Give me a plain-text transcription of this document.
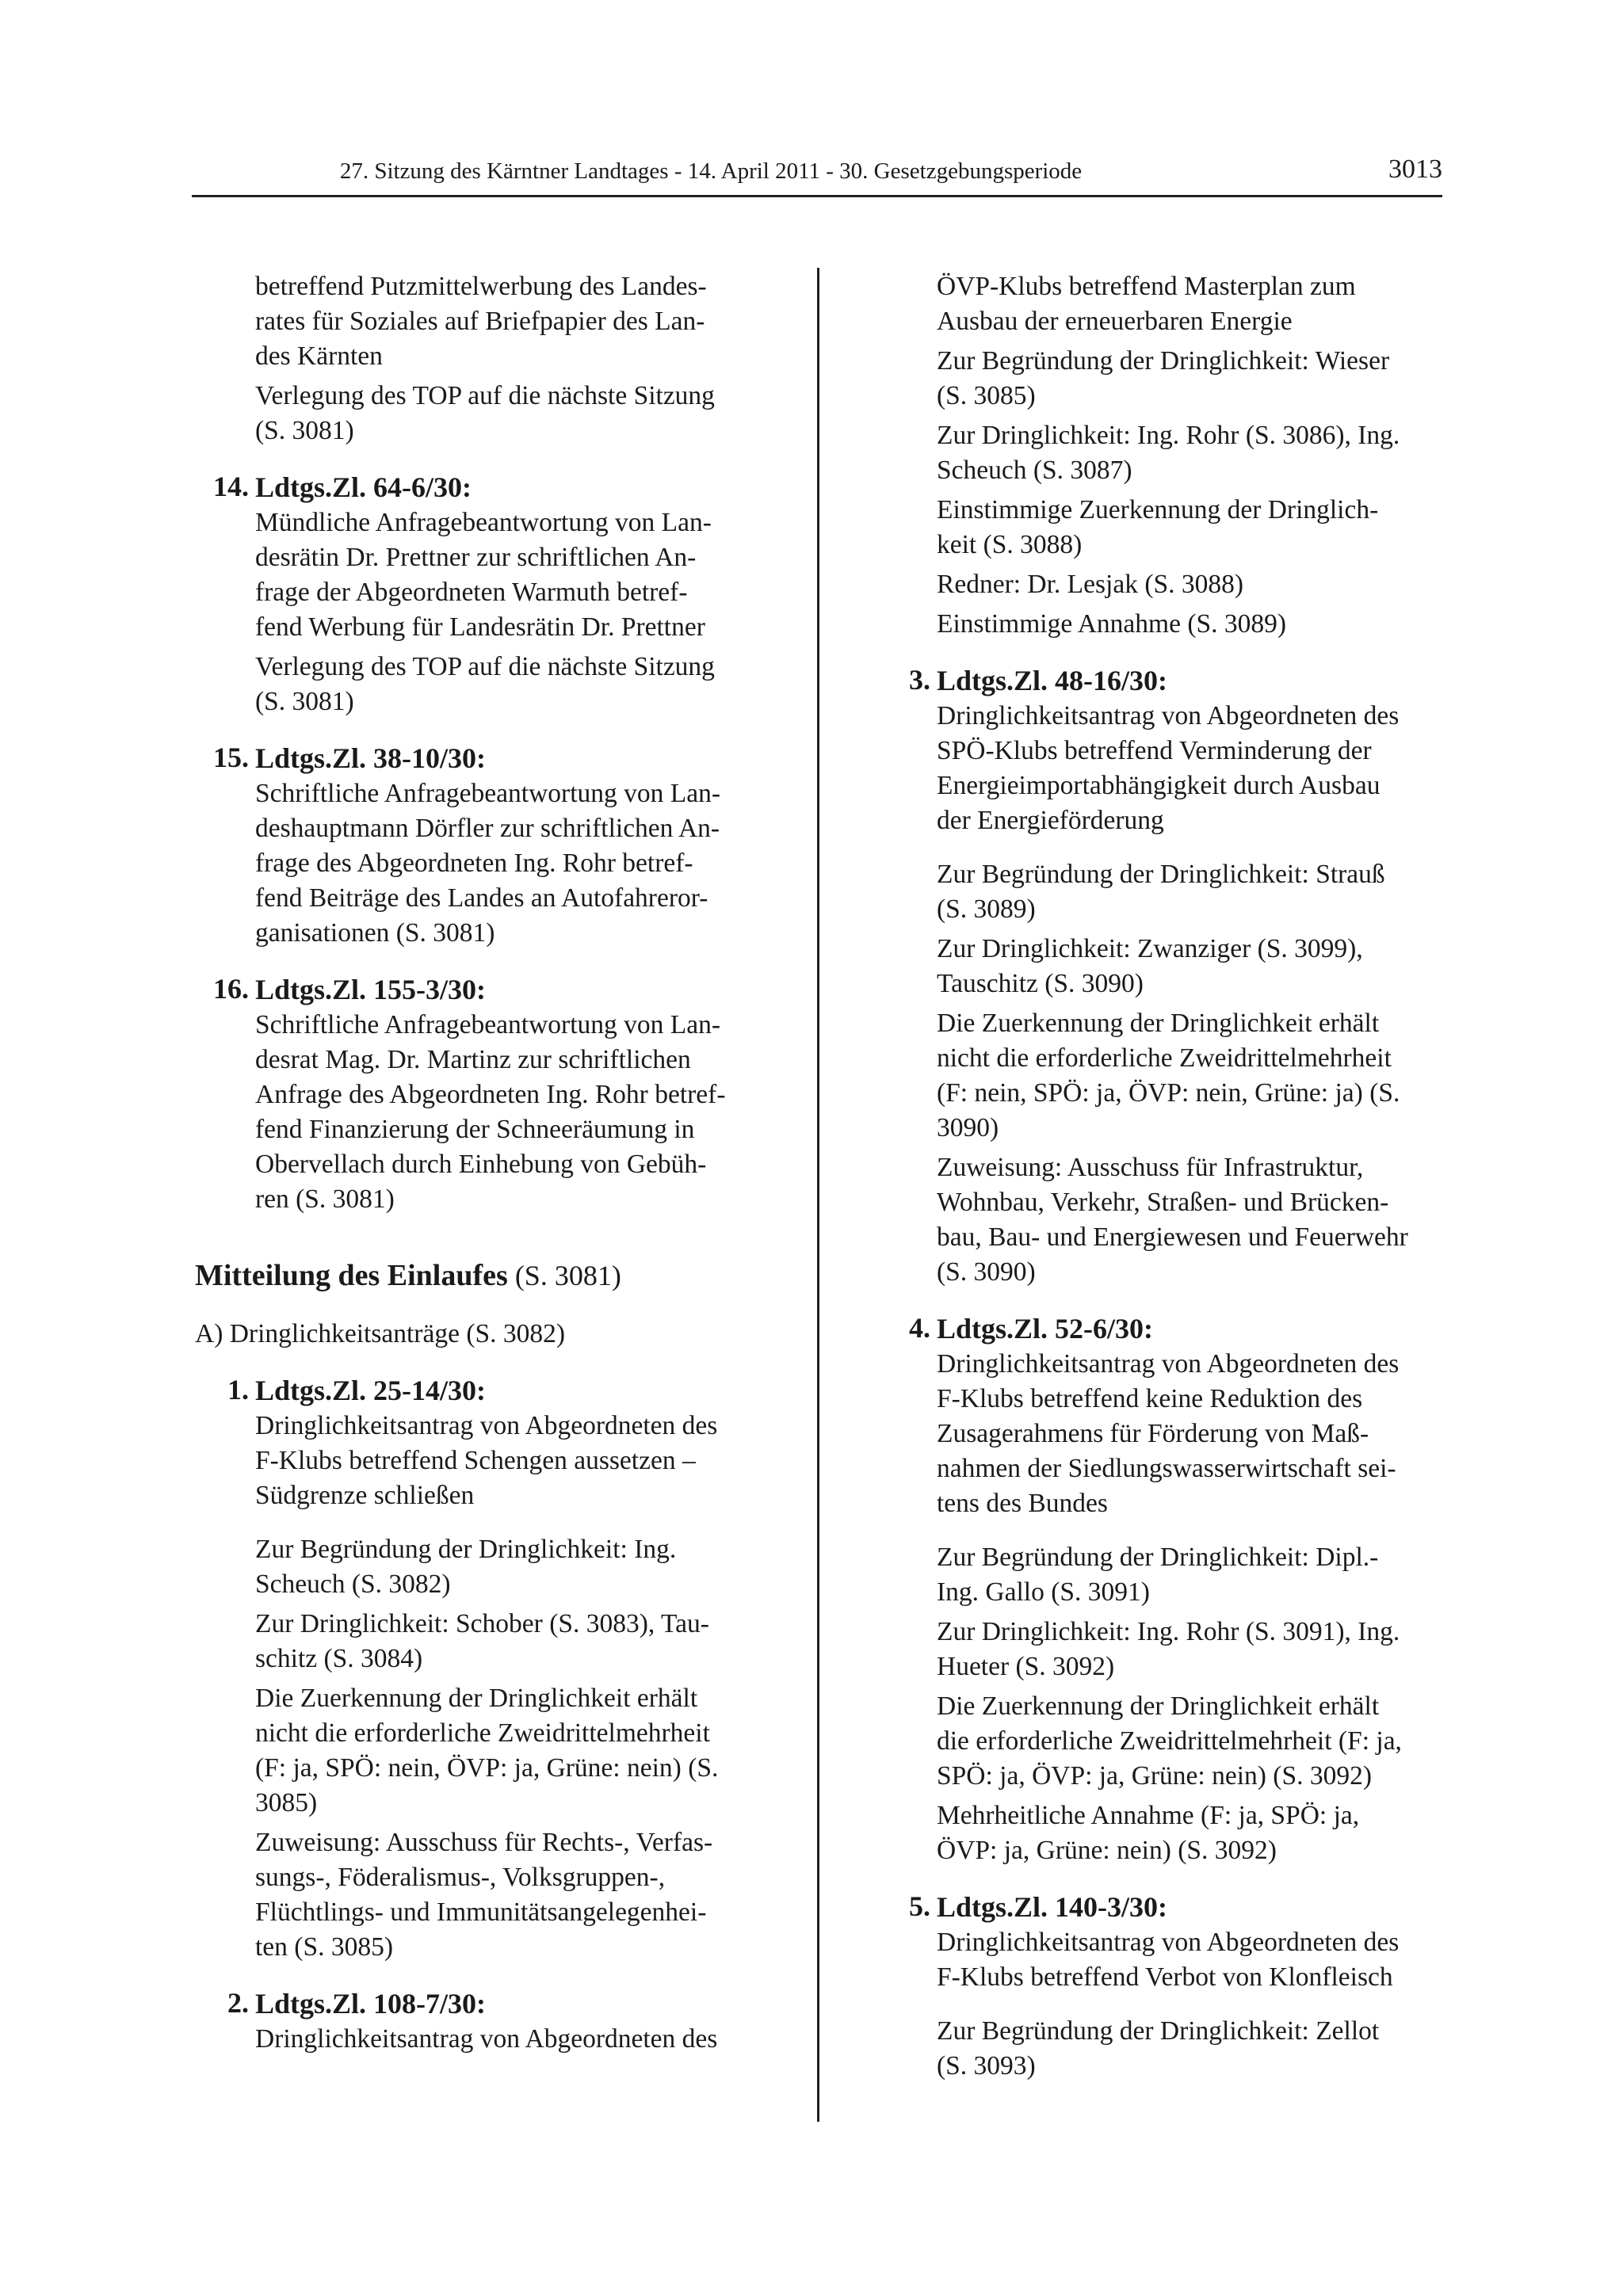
27. Sitzung des Kärntner Landtages - 14. April 2011 - 30. Gesetzgebungsperiode	3013
betreffend Putzmittelwerbung des Landes-
rates für Soziales auf Briefpapier des Lan-
des Kärnten
Verlegung des TOP auf die nächste Sitzung
(S. 3081)
14. Ldtgs.Zl. 64-6/30:
Mündliche Anfragebeantwortung von Lan-
desrätin Dr. Prettner zur schriftlichen An-
frage der Abgeordneten Warmuth betref-
fend Werbung für Landesrätin Dr. Prettner
Verlegung des TOP auf die nächste Sitzung
(S. 3081)
15. Ldtgs.Zl. 38-10/30:
Schriftliche Anfragebeantwortung von Lan-
deshauptmann Dörfler zur schriftlichen An-
frage des Abgeordneten Ing. Rohr betref-
fend Beiträge des Landes an Autofahreror-
ganisationen (S. 3081)
16. Ldtgs.Zl. 155-3/30:
Schriftliche Anfragebeantwortung von Lan-
desrat Mag. Dr. Martinz zur schriftlichen
Anfrage des Abgeordneten Ing. Rohr betref-
fend Finanzierung der Schneeräumung in
Obervellach durch Einhebung von Gebüh-
ren (S. 3081)
Mitteilung des Einlaufes (S. 3081)
A) Dringlichkeitsanträge (S. 3082)
1. Ldtgs.Zl. 25-14/30:
Dringlichkeitsantrag von Abgeordneten des
F-Klubs betreffend Schengen aussetzen –
Südgrenze schließen
Zur Begründung der Dringlichkeit: Ing.
Scheuch (S. 3082)
Zur Dringlichkeit: Schober (S. 3083), Tau-
schitz (S. 3084)
Die Zuerkennung der Dringlichkeit erhält
nicht die erforderliche Zweidrittelmehrheit
(F: ja, SPÖ: nein, ÖVP: ja, Grüne: nein) (S.
3085)
Zuweisung: Ausschuss für Rechts-, Verfas-
sungs-, Föderalismus-, Volksgruppen-,
Flüchtlings- und Immunitätsangelegenhei-
ten (S. 3085)
2. Ldtgs.Zl. 108-7/30:
Dringlichkeitsantrag von Abgeordneten des
ÖVP-Klubs betreffend Masterplan zum
Ausbau der erneuerbaren Energie
Zur Begründung der Dringlichkeit: Wieser
(S. 3085)
Zur Dringlichkeit: Ing. Rohr (S. 3086), Ing.
Scheuch (S. 3087)
Einstimmige Zuerkennung der Dringlich-
keit (S. 3088)
Redner: Dr. Lesjak (S. 3088)
Einstimmige Annahme (S. 3089)
3. Ldtgs.Zl. 48-16/30:
Dringlichkeitsantrag von Abgeordneten des
SPÖ-Klubs betreffend Verminderung der
Energieimportabhängigkeit durch Ausbau
der Energieförderung
Zur Begründung der Dringlichkeit: Strauß
(S. 3089)
Zur Dringlichkeit: Zwanziger (S. 3099),
Tauschitz (S. 3090)
Die Zuerkennung der Dringlichkeit erhält
nicht die erforderliche Zweidrittelmehrheit
(F: nein, SPÖ: ja, ÖVP: nein, Grüne: ja) (S.
3090)
Zuweisung: Ausschuss für Infrastruktur,
Wohnbau, Verkehr, Straßen- und Brücken-
bau, Bau- und Energiewesen und Feuerwehr
(S. 3090)
4. Ldtgs.Zl. 52-6/30:
Dringlichkeitsantrag von Abgeordneten des
F-Klubs betreffend keine Reduktion des
Zusagerahmens für Förderung von Maß-
nahmen der Siedlungswasserwirtschaft sei-
tens des Bundes
Zur Begründung der Dringlichkeit: Dipl.-
Ing. Gallo (S. 3091)
Zur Dringlichkeit: Ing. Rohr (S. 3091), Ing.
Hueter (S. 3092)
Die Zuerkennung der Dringlichkeit erhält
die erforderliche Zweidrittelmehrheit (F: ja,
SPÖ: ja, ÖVP: ja, Grüne: nein) (S. 3092)
Mehrheitliche Annahme (F: ja, SPÖ: ja,
ÖVP: ja, Grüne: nein) (S. 3092)
5. Ldtgs.Zl. 140-3/30:
Dringlichkeitsantrag von Abgeordneten des
F-Klubs betreffend Verbot von Klonfleisch
Zur Begründung der Dringlichkeit: Zellot
(S. 3093)
